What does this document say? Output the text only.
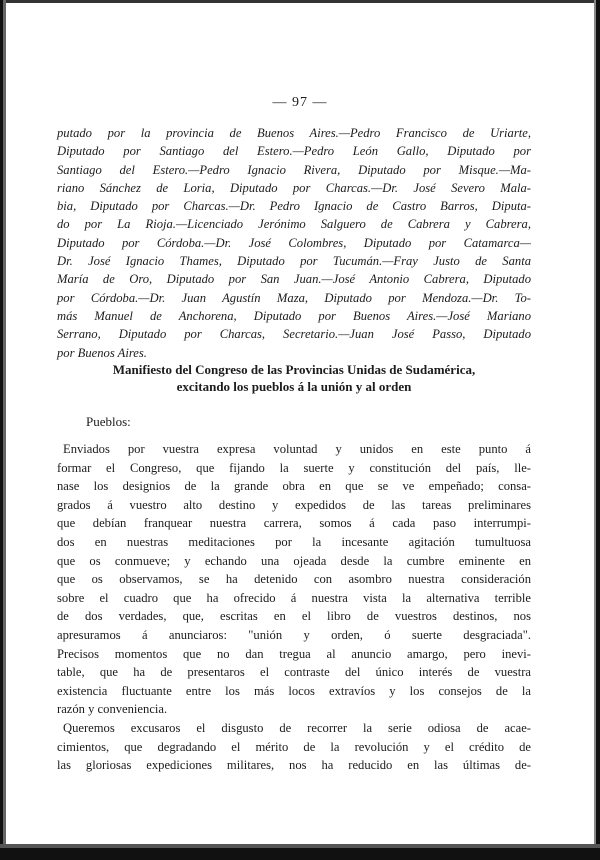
— 97 —
putado por la provincia de Buenos Aires.—Pedro Francisco de Uriarte,
Diputado por Santiago del Estero.—Pedro León Gallo, Diputado por
Santiago del Estero.—Pedro Ignacio Rivera, Diputado por Misque.—Ma-
riano Sánchez de Loria, Diputado por Charcas.—Dr. José Severo Mala-
bia, Diputado por Charcas.—Dr. Pedro Ignacio de Castro Barros, Diputa-
do por La Rioja.—Licenciado Jerónimo Salguero de Cabrera y Cabrera,
Diputado por Córdoba.—Dr. José Colombres, Diputado por Catamarca—
Dr. José Ignacio Thames, Diputado por Tucumán.—Fray Justo de Santa
María de Oro, Diputado por San Juan.—José Antonio Cabrera, Diputado
por Córdoba.—Dr. Juan Agustín Maza, Diputado por Mendoza.—Dr. To-
más Manuel de Anchorena, Diputado por Buenos Aires.—José Mariano
Serrano, Diputado por Charcas, Secretario.—Juan José Passo, Diputado
por Buenos Aires.
Manifiesto del Congreso de las Provincias Unidas de Sudamérica,
excitando los pueblos á la unión y al orden
Pueblos:
Enviados por vuestra expresa voluntad y unidos en este punto á
formar el Congreso, que fijando la suerte y constitución del país, lle-
nase los designios de la grande obra en que se ve empeñado; consa-
grados á vuestro alto destino y expedidos de las tareas preliminares
que debían franquear nuestra carrera, somos á cada paso interrumpi-
dos en nuestras meditaciones por la incesante agitación tumultuosa
que os conmueve; y echando una ojeada desde la cumbre eminente en
que os observamos, se ha detenido con asombro nuestra consideración
sobre el cuadro que ha ofrecido á nuestra vista la alternativa terrible
de dos verdades, que, escritas en el libro de vuestros destinos, nos
apresuramos á anunciaros: "unión y orden, ó suerte desgraciada".
Precisos momentos que no dan tregua al anuncio amargo, pero inevi-
table, que ha de presentaros el contraste del único interés de vuestra
existencia fluctuante entre los más locos extravíos y los consejos de la
razón y conveniencia.
Queremos excusaros el disgusto de recorrer la serie odiosa de acae-
cimientos, que degradando el mérito de la revolución y el crédito de
las gloriosas expediciones militares, nos ha reducido en las últimas de-
